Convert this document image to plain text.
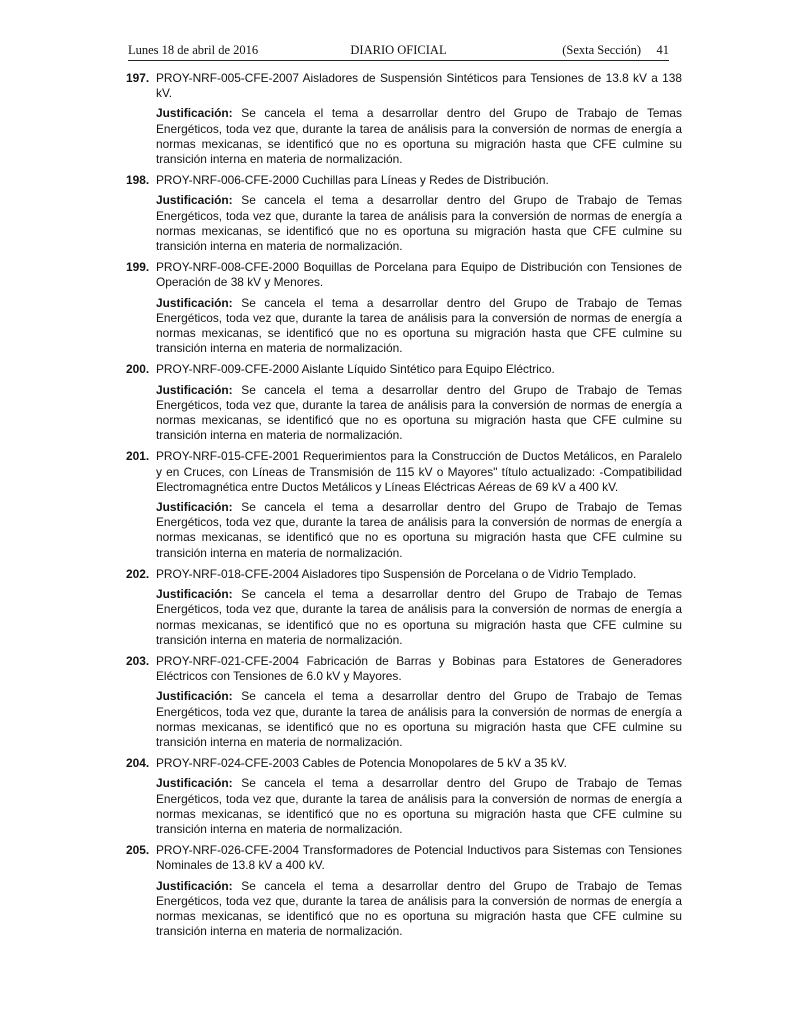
Lunes 18 de abril de 2016	DIARIO OFICIAL	(Sexta Sección) 41
197. PROY-NRF-005-CFE-2007 Aisladores de Suspensión Sintéticos para Tensiones de 13.8 kV a 138 kV.
Justificación: Se cancela el tema a desarrollar dentro del Grupo de Trabajo de Temas Energéticos, toda vez que, durante la tarea de análisis para la conversión de normas de energía a normas mexicanas, se identificó que no es oportuna su migración hasta que CFE culmine su transición interna en materia de normalización.
198. PROY-NRF-006-CFE-2000 Cuchillas para Líneas y Redes de Distribución.
Justificación: Se cancela el tema a desarrollar dentro del Grupo de Trabajo de Temas Energéticos, toda vez que, durante la tarea de análisis para la conversión de normas de energía a normas mexicanas, se identificó que no es oportuna su migración hasta que CFE culmine su transición interna en materia de normalización.
199. PROY-NRF-008-CFE-2000 Boquillas de Porcelana para Equipo de Distribución con Tensiones de Operación de 38 kV y Menores.
Justificación: Se cancela el tema a desarrollar dentro del Grupo de Trabajo de Temas Energéticos, toda vez que, durante la tarea de análisis para la conversión de normas de energía a normas mexicanas, se identificó que no es oportuna su migración hasta que CFE culmine su transición interna en materia de normalización.
200. PROY-NRF-009-CFE-2000 Aislante Líquido Sintético para Equipo Eléctrico.
Justificación: Se cancela el tema a desarrollar dentro del Grupo de Trabajo de Temas Energéticos, toda vez que, durante la tarea de análisis para la conversión de normas de energía a normas mexicanas, se identificó que no es oportuna su migración hasta que CFE culmine su transición interna en materia de normalización.
201. PROY-NRF-015-CFE-2001 Requerimientos para la Construcción de Ductos Metálicos, en Paralelo y en Cruces, con Líneas de Transmisión de 115 kV o Mayores" título actualizado: -Compatibilidad Electromagnética entre Ductos Metálicos y Líneas Eléctricas Aéreas de 69 kV a 400 kV.
Justificación: Se cancela el tema a desarrollar dentro del Grupo de Trabajo de Temas Energéticos, toda vez que, durante la tarea de análisis para la conversión de normas de energía a normas mexicanas, se identificó que no es oportuna su migración hasta que CFE culmine su transición interna en materia de normalización.
202. PROY-NRF-018-CFE-2004 Aisladores tipo Suspensión de Porcelana o de Vidrio Templado.
Justificación: Se cancela el tema a desarrollar dentro del Grupo de Trabajo de Temas Energéticos, toda vez que, durante la tarea de análisis para la conversión de normas de energía a normas mexicanas, se identificó que no es oportuna su migración hasta que CFE culmine su transición interna en materia de normalización.
203. PROY-NRF-021-CFE-2004 Fabricación de Barras y Bobinas para Estatores de Generadores Eléctricos con Tensiones de 6.0 kV y Mayores.
Justificación: Se cancela el tema a desarrollar dentro del Grupo de Trabajo de Temas Energéticos, toda vez que, durante la tarea de análisis para la conversión de normas de energía a normas mexicanas, se identificó que no es oportuna su migración hasta que CFE culmine su transición interna en materia de normalización.
204. PROY-NRF-024-CFE-2003 Cables de Potencia Monopolares de 5 kV a 35 kV.
Justificación: Se cancela el tema a desarrollar dentro del Grupo de Trabajo de Temas Energéticos, toda vez que, durante la tarea de análisis para la conversión de normas de energía a normas mexicanas, se identificó que no es oportuna su migración hasta que CFE culmine su transición interna en materia de normalización.
205. PROY-NRF-026-CFE-2004 Transformadores de Potencial Inductivos para Sistemas con Tensiones Nominales de 13.8 kV a 400 kV.
Justificación: Se cancela el tema a desarrollar dentro del Grupo de Trabajo de Temas Energéticos, toda vez que, durante la tarea de análisis para la conversión de normas de energía a normas mexicanas, se identificó que no es oportuna su migración hasta que CFE culmine su transición interna en materia de normalización.
